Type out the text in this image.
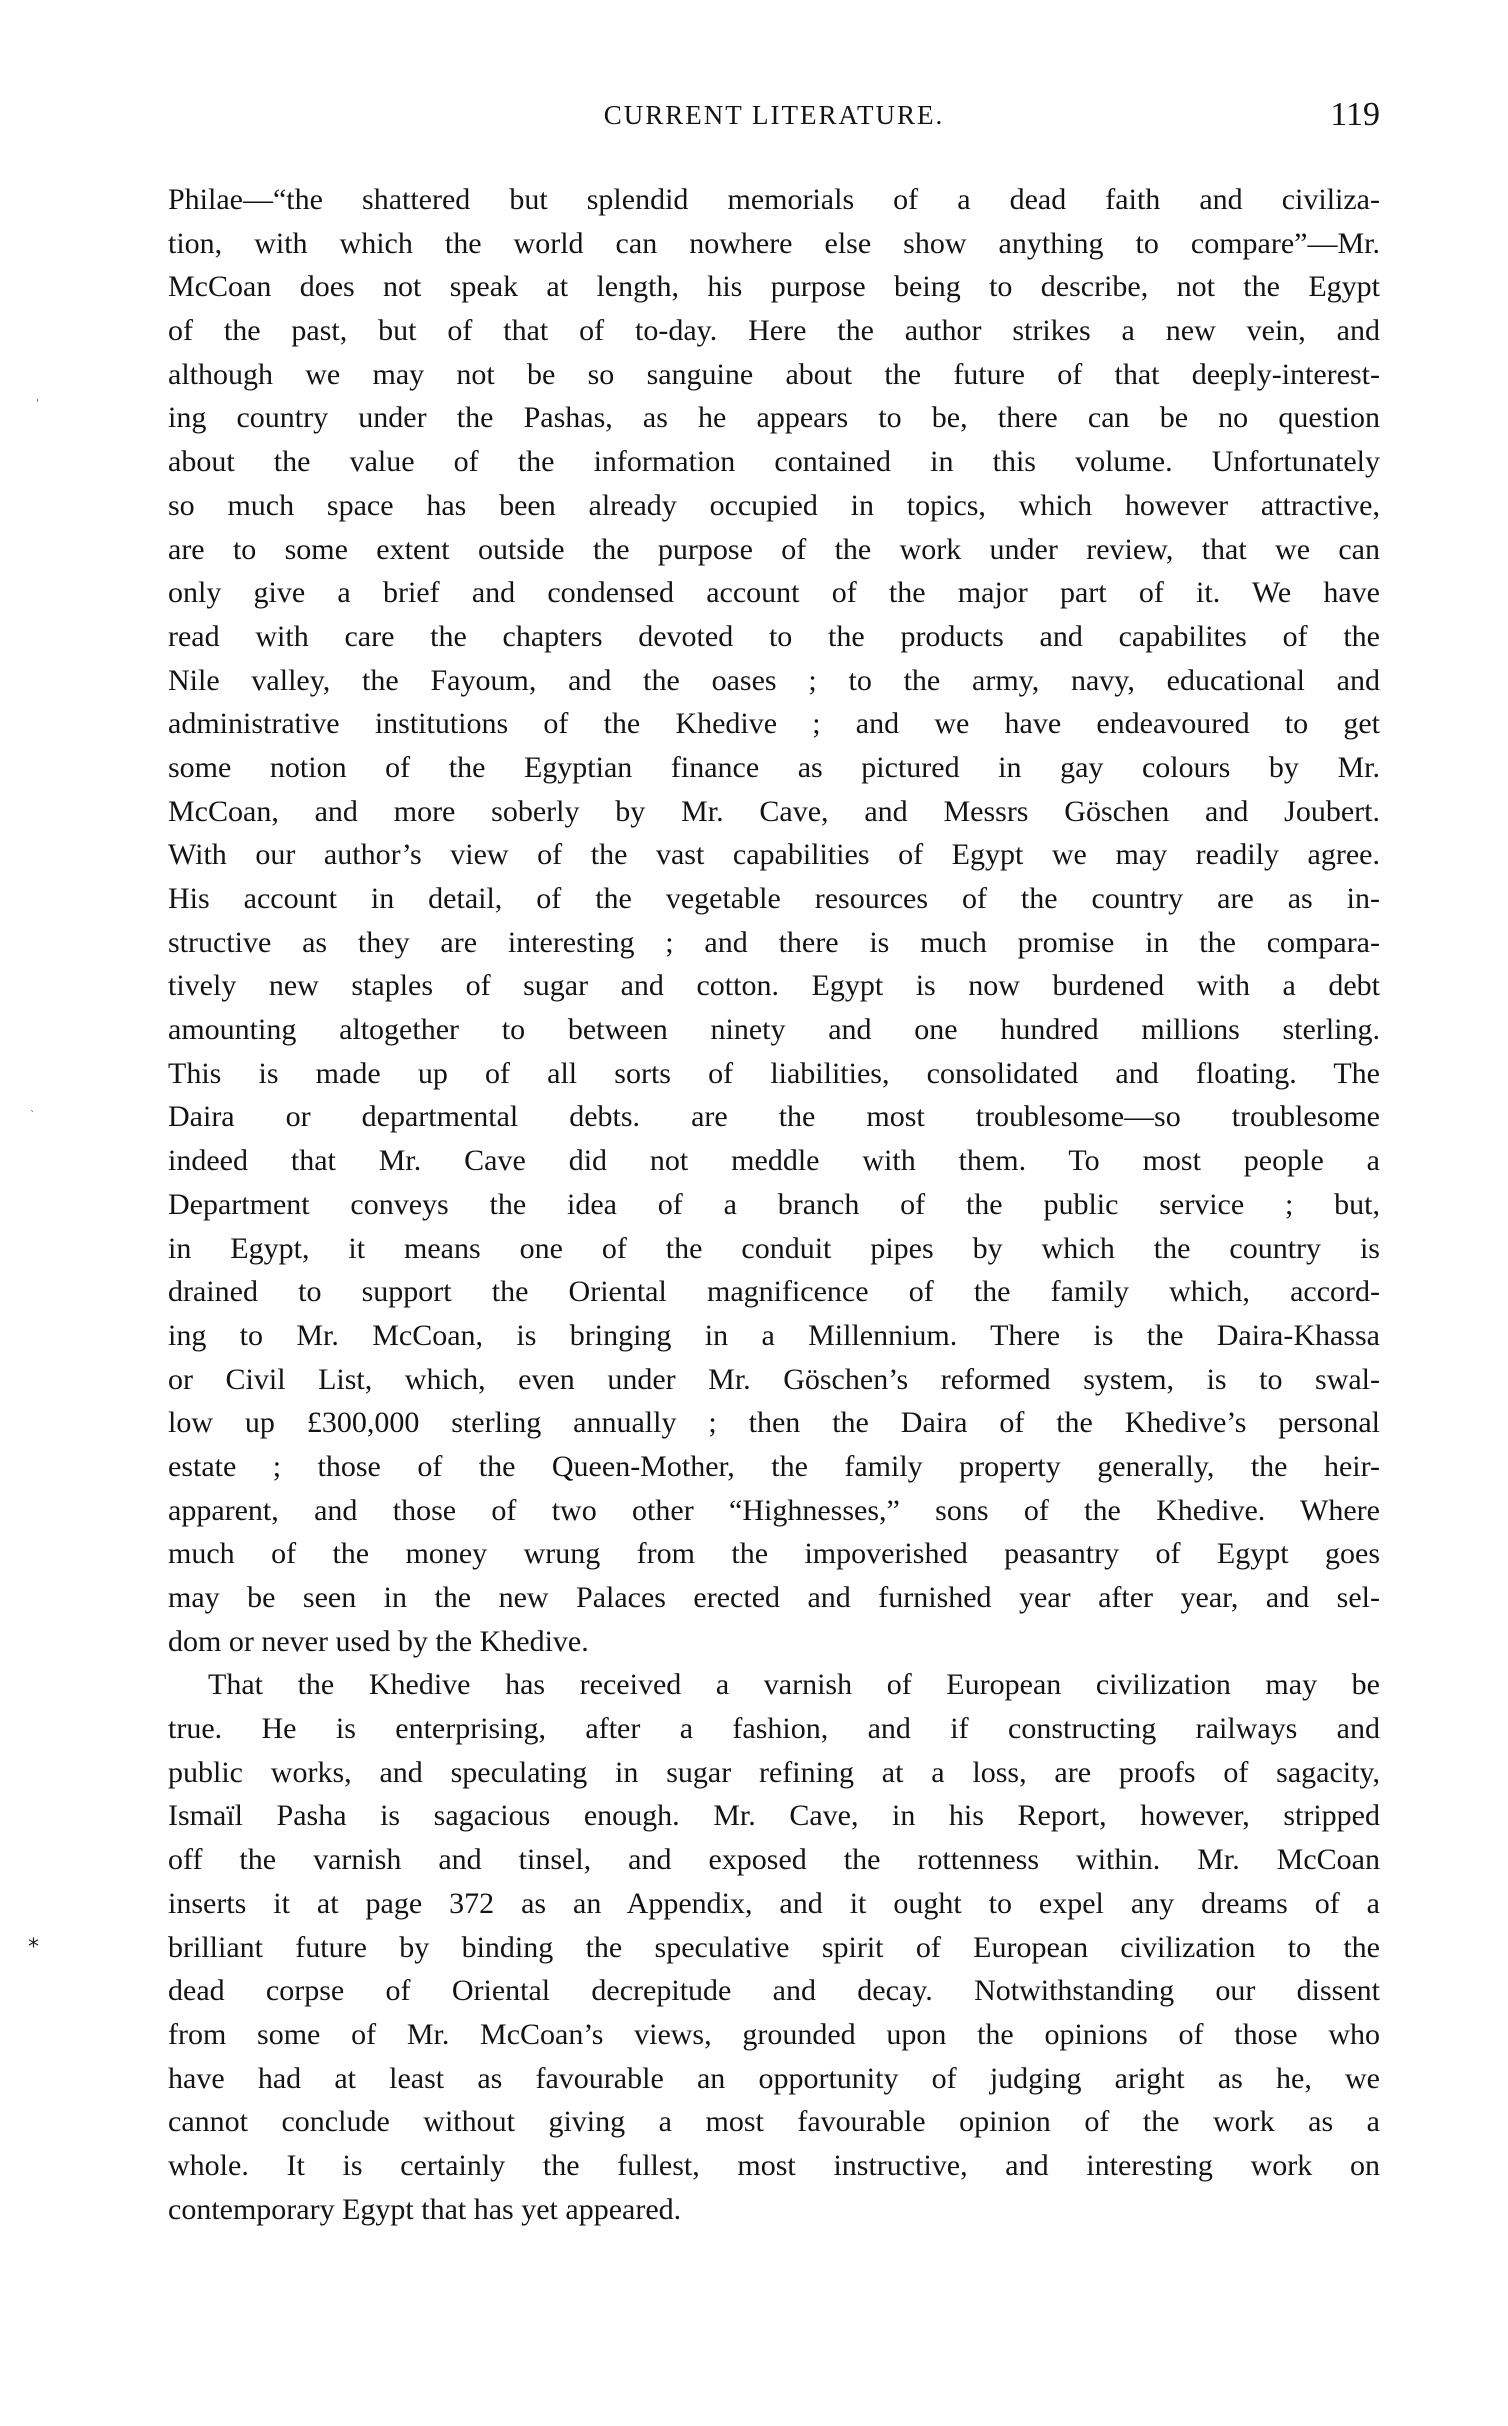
CURRENT LITERATURE.	119
Philae—“the shattered but splendid memorials of a dead faith and civiliza-
tion, with which the world can nowhere else show anything to compare”—Mr.
McCoan does not speak at length, his purpose being to describe, not the Egypt
of the past, but of that of to-day. Here the author strikes a new vein, and
although we may not be so sanguine about the future of that deeply-interest-
ing country under the Pashas, as he appears to be, there can be no question
about the value of the information contained in this volume. Unfortunately
so much space has been already occupied in topics, which however attractive,
are to some extent outside the purpose of the work under review, that we can
only give a brief and condensed account of the major part of it. We have
read with care the chapters devoted to the products and capabilites of the
Nile valley, the Fayoum, and the oases ; to the army, navy, educational and
administrative institutions of the Khedive ; and we have endeavoured to get
some notion of the Egyptian finance as pictured in gay colours by Mr.
McCoan, and more soberly by Mr. Cave, and Messrs Göschen and Joubert.
With our author’s view of the vast capabilities of Egypt we may readily agree.
His account in detail, of the vegetable resources of the country are as in-
structive as they are interesting ; and there is much promise in the compara-
tively new staples of sugar and cotton. Egypt is now burdened with a debt
amounting altogether to between ninety and one hundred millions sterling.
This is made up of all sorts of liabilities, consolidated and floating. The
Daira or departmental debts. are the most troublesome—so troublesome
indeed that Mr. Cave did not meddle with them. To most people a
Department conveys the idea of a branch of the public service ; but,
in Egypt, it means one of the conduit pipes by which the country is
drained to support the Oriental magnificence of the family which, accord-
ing to Mr. McCoan, is bringing in a Millennium. There is the Daira-Khassa
or Civil List, which, even under Mr. Göschen’s reformed system, is to swal-
low up £300,000 sterling annually ; then the Daira of the Khedive’s personal
estate ; those of the Queen-Mother, the family property generally, the heir-
apparent, and those of two other “Highnesses,” sons of the Khedive. Where
much of the money wrung from the impoverished peasantry of Egypt goes
may be seen in the new Palaces erected and furnished year after year, and sel-
dom or never used by the Khedive.
That the Khedive has received a varnish of European civilization may be
true. He is enterprising, after a fashion, and if constructing railways and
public works, and speculating in sugar refining at a loss, are proofs of sagacity,
Ismaïl Pasha is sagacious enough. Mr. Cave, in his Report, however, stripped
off the varnish and tinsel, and exposed the rottenness within. Mr. McCoan
inserts it at page 372 as an Appendix, and it ought to expel any dreams of a
brilliant future by binding the speculative spirit of European civilization to the
dead corpse of Oriental decrepitude and decay. Notwithstanding our dissent
from some of Mr. McCoan’s views, grounded upon the opinions of those who
have had at least as favourable an opportunity of judging aright as he, we
cannot conclude without giving a most favourable opinion of the work as a
whole. It is certainly the fullest, most instructive, and interesting work on
contemporary Egypt that has yet appeared.
'
`
*
